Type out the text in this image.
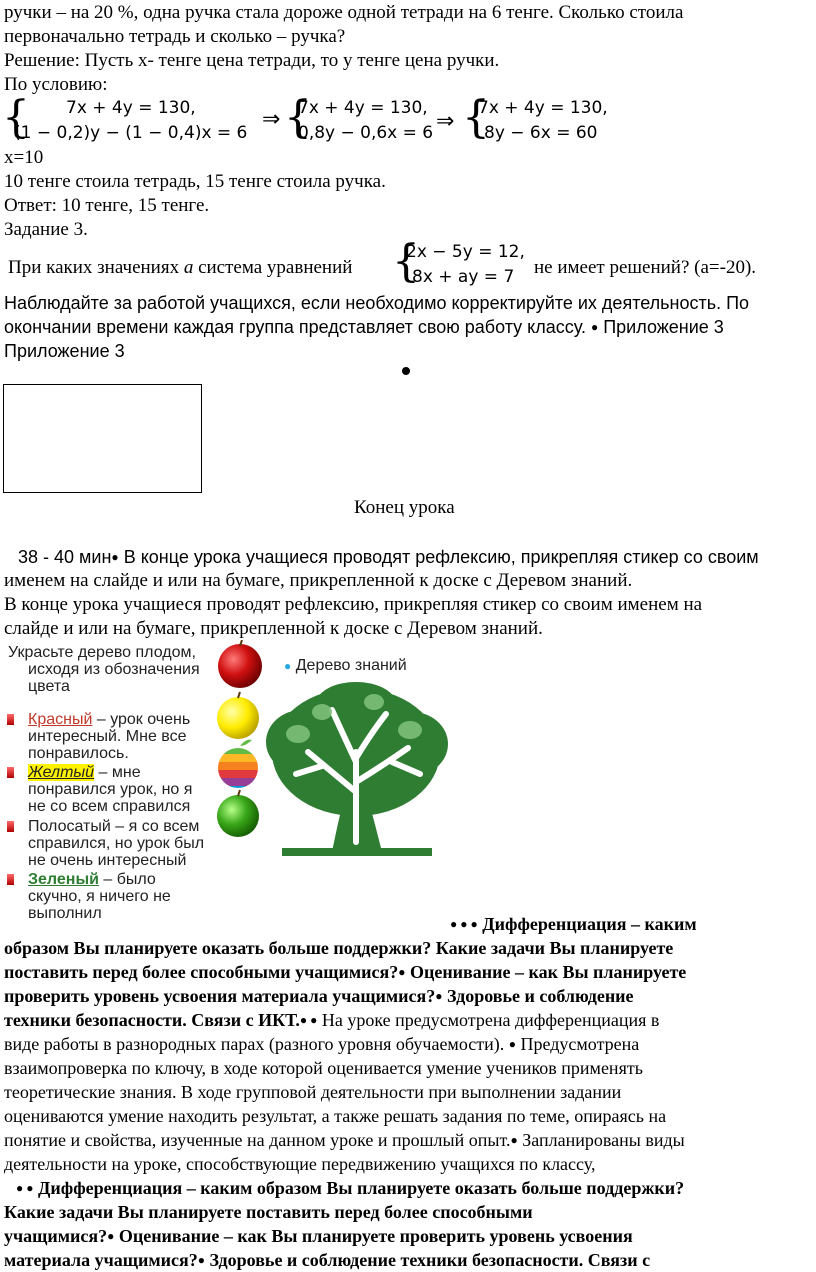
ручки – на 20 %, одна ручка стала дороже одной тетради на 6 тенге. Сколько стоила
первоначально тетрадь и сколько – ручка?
Решение: Пусть х- тенге цена тетради, то у тенге цена ручки.
По условию:
{ 7x + 4y = 130,
(1 − 0,2)y − (1 − 0,4)x = 6
⇒ {
7x + 4y = 130,
0,8y − 0,6x = 6 ⇒ {
7x + 4y = 130,
8y − 6x = 60
x=10
10 тенге стоила тетрадь, 15 тенге стоила ручка.
Ответ: 10 тенге, 15 тенге.
Задание 3.
При каких значениях a система уравнений {
2x − 5y = 12,
8x + ay = 7 не имеет решений? (а=-20).
Наблюдайте за работой учащихся, если необходимо корректируйте их деятельность. По
окончании времени каждая группа представляет свою работу классу. ● Приложение 3
Приложение 3
Конец урока
38 - 40 мин● В конце урока учащиеся проводят рефлексию, прикрепляя стикер со своим
именем на слайде и или на бумаге, прикрепленной к доске с Деревом знаний.
В конце урока учащиеся проводят рефлексию, прикрепляя стикер со своим именем на
слайде и или на бумаге, прикрепленной к доске с Деревом знаний.
Украсьте дерево плодом,
исходя из обозначения
цвета
Красный – урок очень
интересный. Мне все
понравилось.
Желтый – мне
понравился урок, но я
не со всем справился
Полосатый – я со всем
справился, но урок был
не очень интересный
Зеленый – было
скучно, я ничего не
выполнил
● Дерево знаний
● ● ● Дифференциация – каким
образом Вы планируете оказать больше поддержки? Какие задачи Вы планируете
поставить перед более способными учащимися?● Оценивание – как Вы планируете
проверить уровень усвоения материала учащимися?● Здоровье и соблюдение
техники безопасности. Связи с ИКТ.● ● На уроке предусмотрена дифференциация в
виде работы в разнородных парах (разного уровня обучаемости). ● Предусмотрена
взаимопроверка по ключу, в ходе которой оценивается умение учеников применять
теоретические знания. В ходе групповой деятельности при выполнении задании
оцениваются умение находить результат, а также решать задания по теме, опираясь на
понятие и свойства, изученные на данном уроке и прошлый опыт.● Запланированы виды
деятельности на уроке, способствующие передвижению учащихся по классу,
● ● Дифференциация – каким образом Вы планируете оказать больше поддержки?
Какие задачи Вы планируете поставить перед более способными
учащимися?● Оценивание – как Вы планируете проверить уровень усвоения
материала учащимися?● Здоровье и соблюдение техники безопасности. Связи с
